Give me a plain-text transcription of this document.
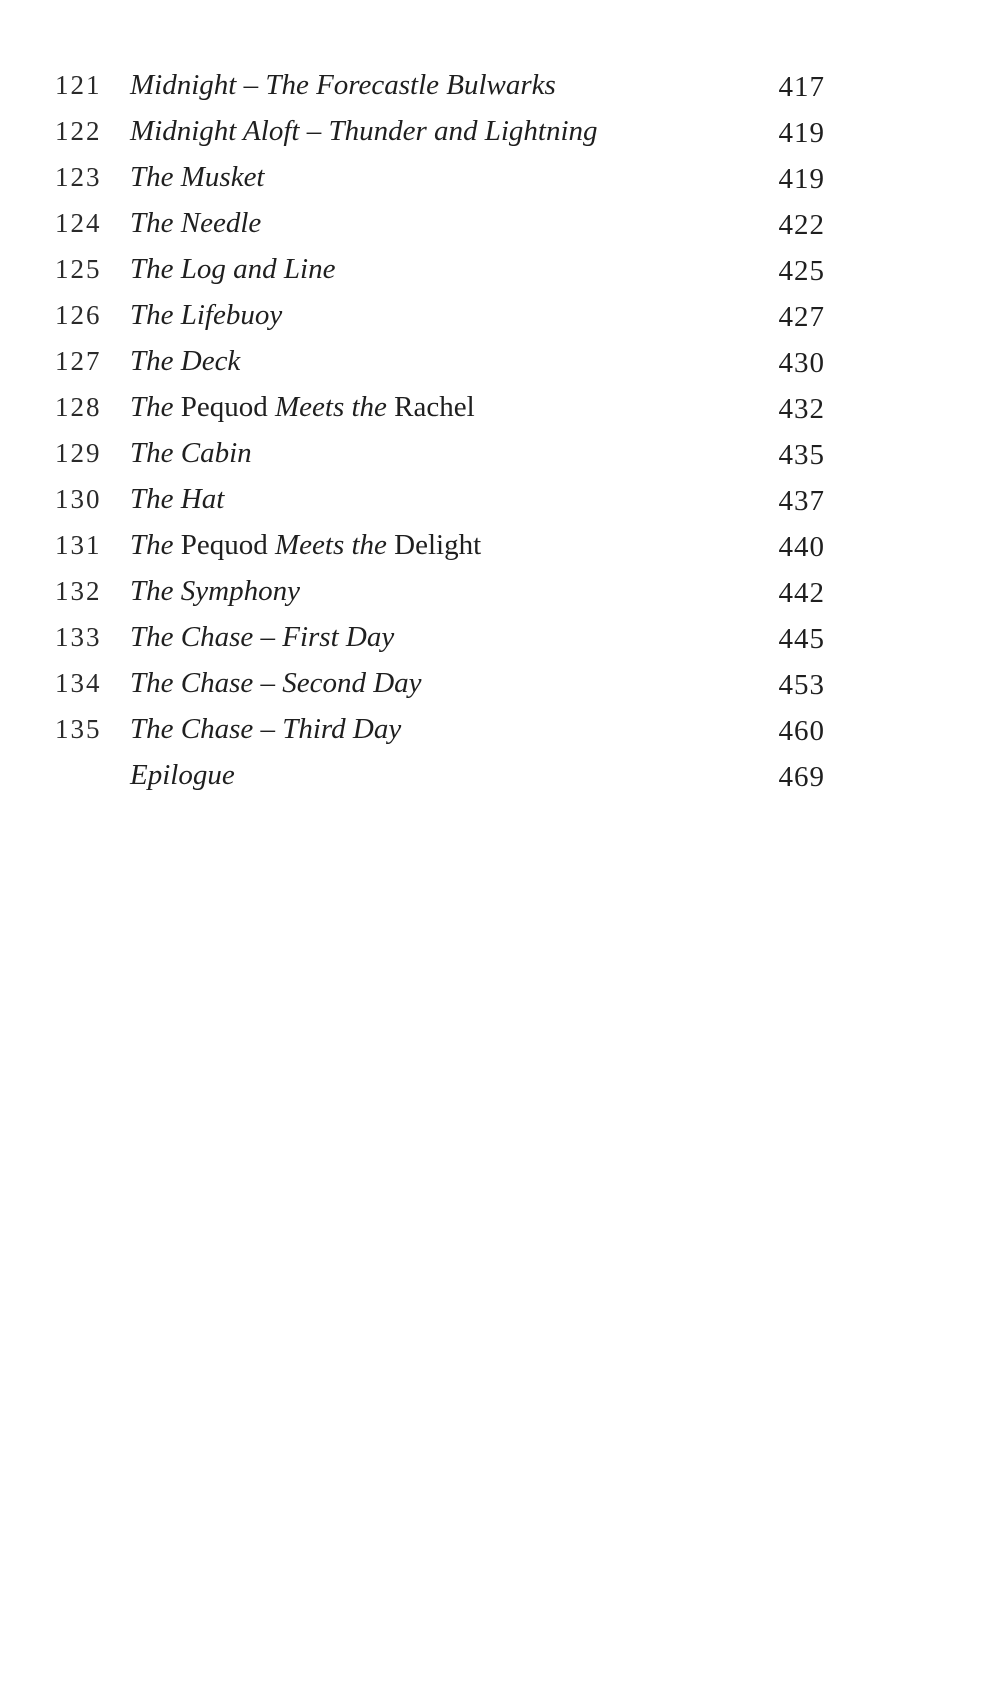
121 Midnight – The Forecastle Bulwarks	417
122 Midnight Aloft – Thunder and Lightning	419
123 The Musket	419
124 The Needle	422
125 The Log and Line	425
126 The Lifebuoy	427
127 The Deck	430
128 The Pequod Meets the Rachel	432
129 The Cabin	435
130 The Hat	437
131 The Pequod Meets the Delight	440
132 The Symphony	442
133 The Chase – First Day	445
134 The Chase – Second Day	453
135 The Chase – Third Day	460
Epilogue	469
